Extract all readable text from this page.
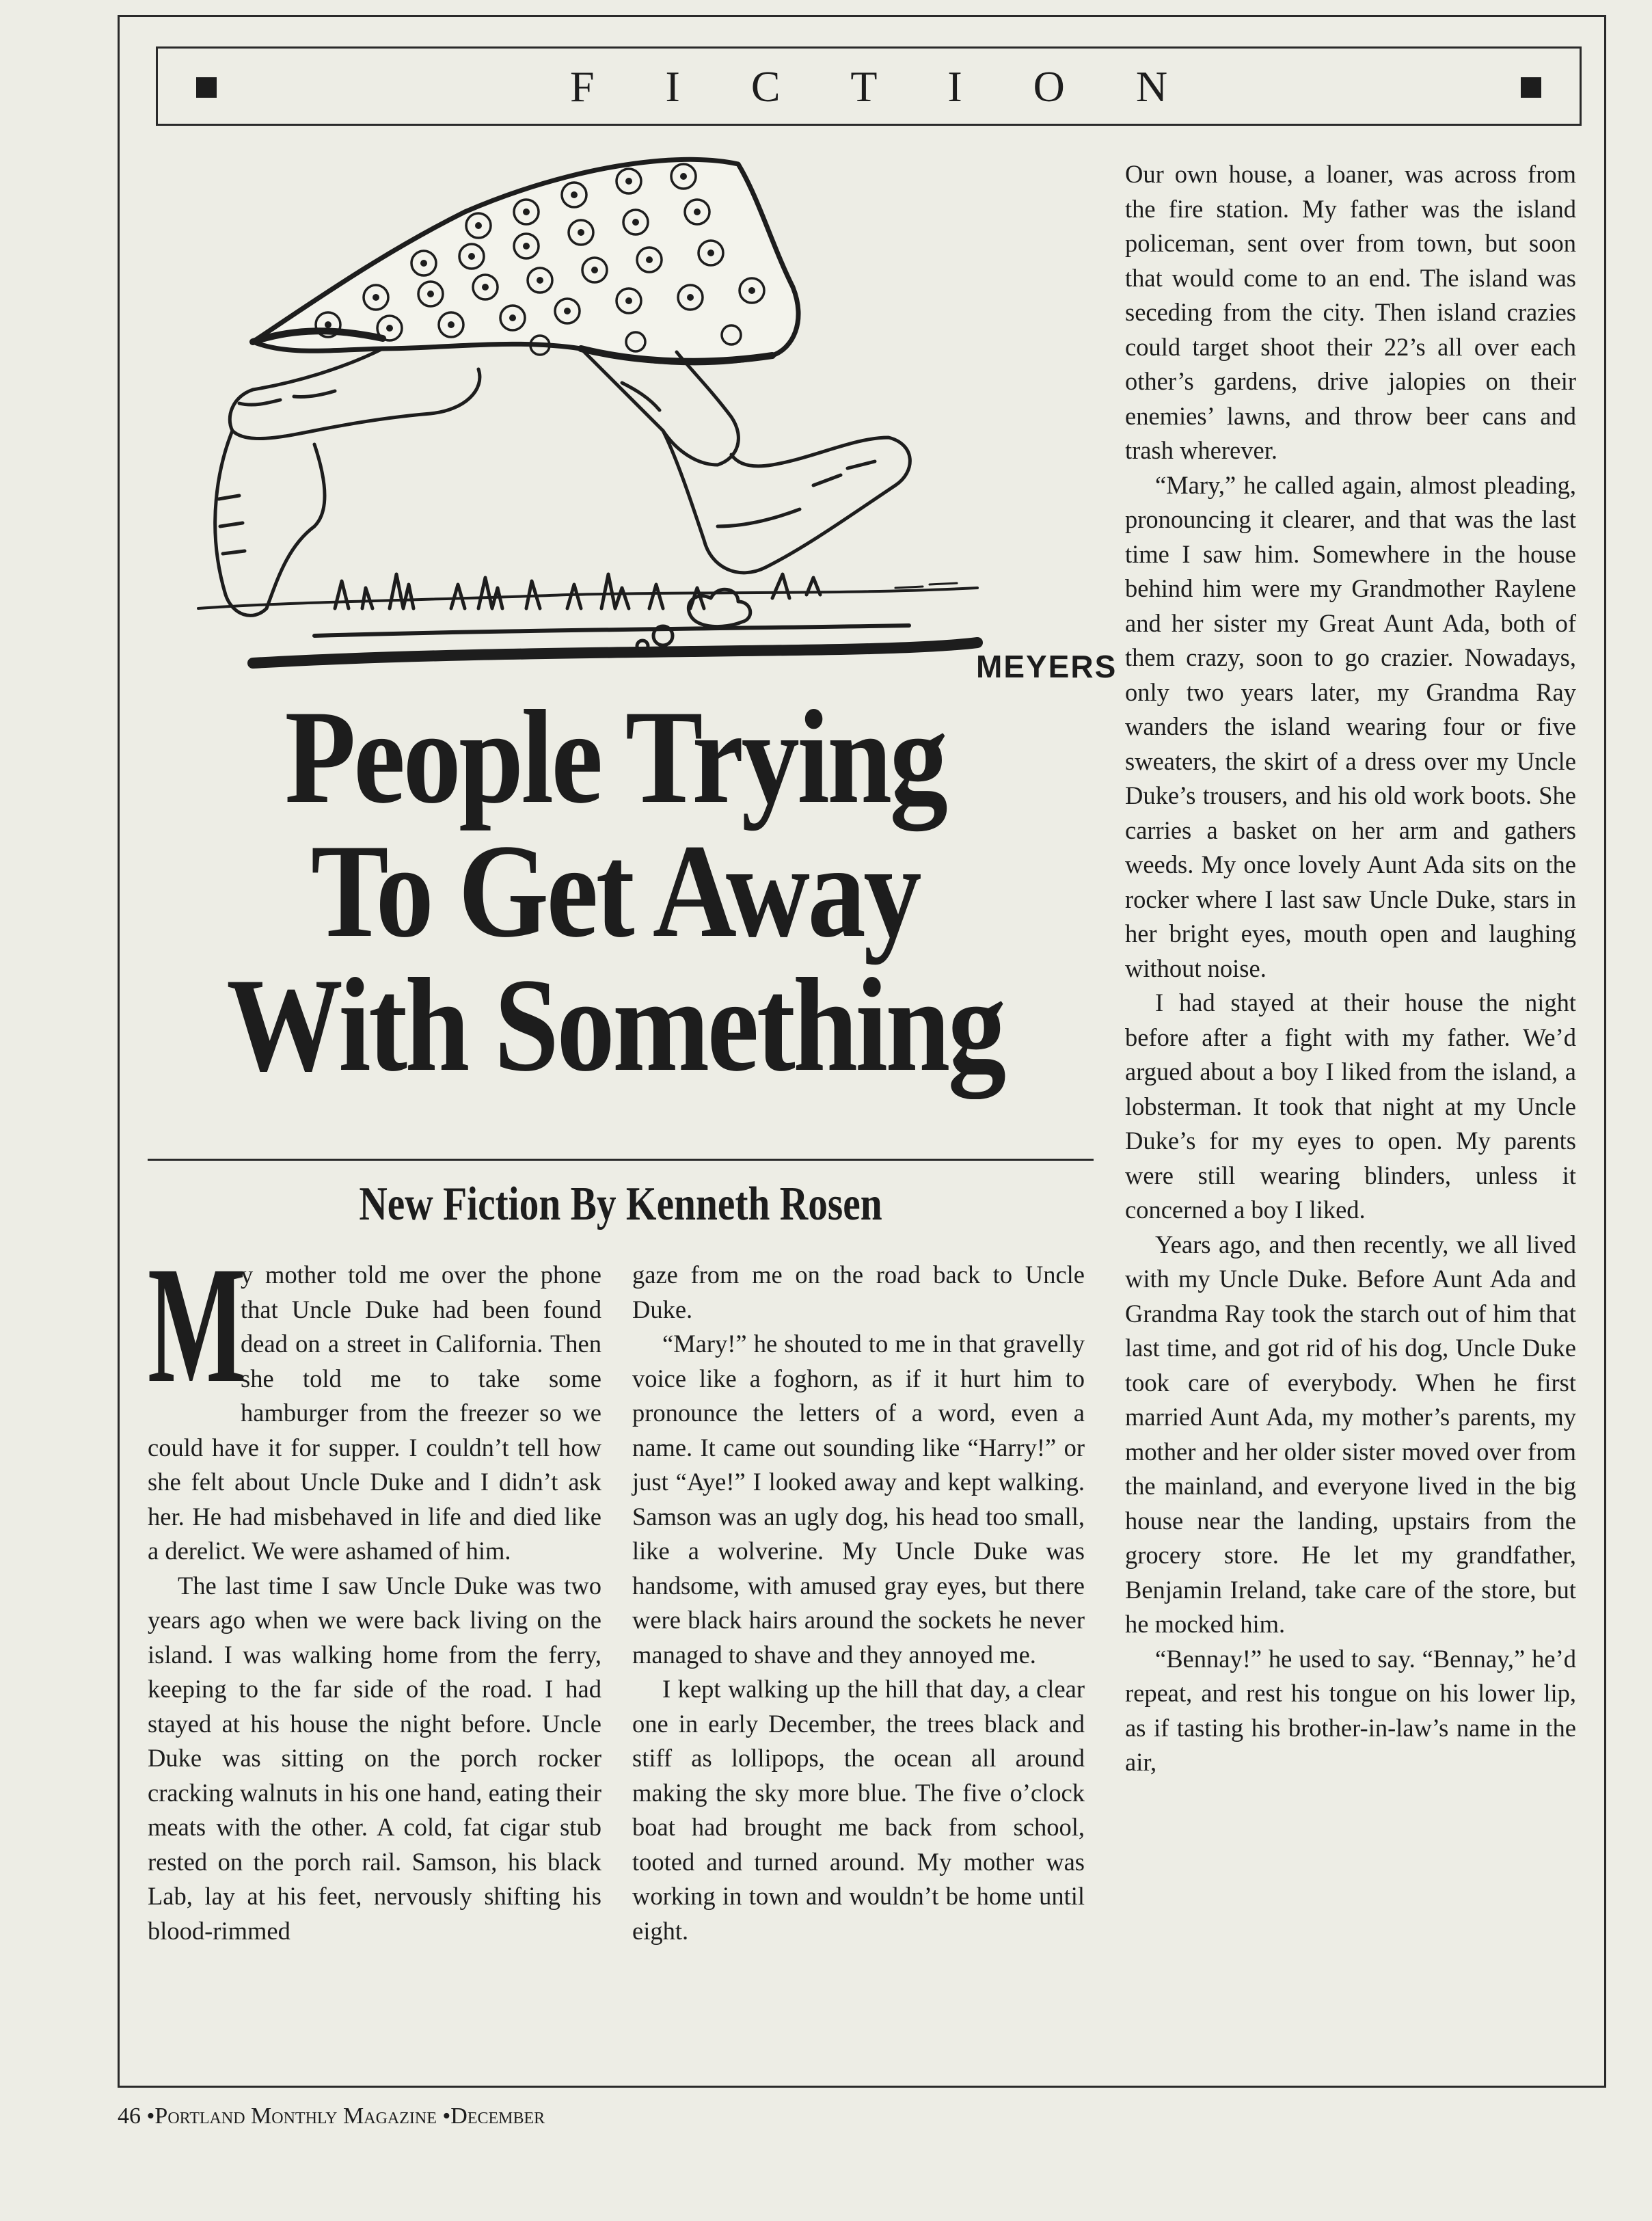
F I C T I O N
MEYERS
People Trying
To Get Away
With Something
New Fiction By Kenneth Rosen

M
y mother told me over the phone that Uncle Duke had been found dead on a street in California. Then she told me to take some hamburger from the freezer so we could have it for supper. I couldn’t tell how she felt about Uncle Duke and I didn’t ask her. He had misbehaved in life and died like a derelict. We were ashamed of him.

The last time I saw Uncle Duke was two years ago when we were back living on the island. I was walking home from the ferry, keeping to the far side of the road. I had stayed at his house the night before. Uncle Duke was sitting on the porch rocker cracking walnuts in his one hand, eating their meats with the other. A cold, fat cigar stub rested on the porch rail. Samson, his black Lab, lay at his feet, nervously shifting his blood-rimmed

gaze from me on the road back to Uncle Duke.

“Mary!” he shouted to me in that gravelly voice like a foghorn, as if it hurt him to pronounce the letters of a word, even a name. It came out sounding like “Harry!” or just “Aye!” I looked away and kept walking. Samson was an ugly dog, his head too small, like a wolverine. My Uncle Duke was handsome, with amused gray eyes, but there were black hairs around the sockets he never managed to shave and they annoyed me.

I kept walking up the hill that day, a clear one in early December, the trees black and stiff as lollipops, the ocean all around making the sky more blue. The five o’clock boat had brought me back from school, tooted and turned around. My mother was working in town and wouldn’t be home until eight.

Our own house, a loaner, was across from the fire station. My father was the island policeman, sent over from town, but soon that would come to an end. The island was seceding from the city. Then island crazies could target shoot their 22’s all over each other’s gardens, drive jalopies on their enemies’ lawns, and throw beer cans and trash wherever.

“Mary,” he called again, almost pleading, pronouncing it clearer, and that was the last time I saw him. Somewhere in the house behind him were my Grandmother Raylene and her sister my Great Aunt Ada, both of them crazy, soon to go crazier. Nowadays, only two years later, my Grandma Ray wanders the island wearing four or five sweaters, the skirt of a dress over my Uncle Duke’s trousers, and his old work boots. She carries a basket on her arm and gathers weeds. My once lovely Aunt Ada sits on the rocker where I last saw Uncle Duke, stars in her bright eyes, mouth open and laughing without noise.

I had stayed at their house the night before after a fight with my father. We’d argued about a boy I liked from the island, a lobsterman. It took that night at my Uncle Duke’s for my eyes to open. My parents were still wearing blinders, unless it concerned a boy I liked.

Years ago, and then recently, we all lived with my Uncle Duke. Before Aunt Ada and Grandma Ray took the starch out of him that last time, and got rid of his dog, Uncle Duke took care of everybody. When he first married Aunt Ada, my mother’s parents, my mother and her older sister moved over from the mainland, and everyone lived in the big house near the landing, upstairs from the grocery store. He let my grandfather, Benjamin Ireland, take care of the store, but he mocked him.

“Bennay!” he used to say. “Bennay,” he’d repeat, and rest his tongue on his lower lip, as if tasting his brother-in-law’s name in the air,

46 •Portland Monthly Magazine •December
